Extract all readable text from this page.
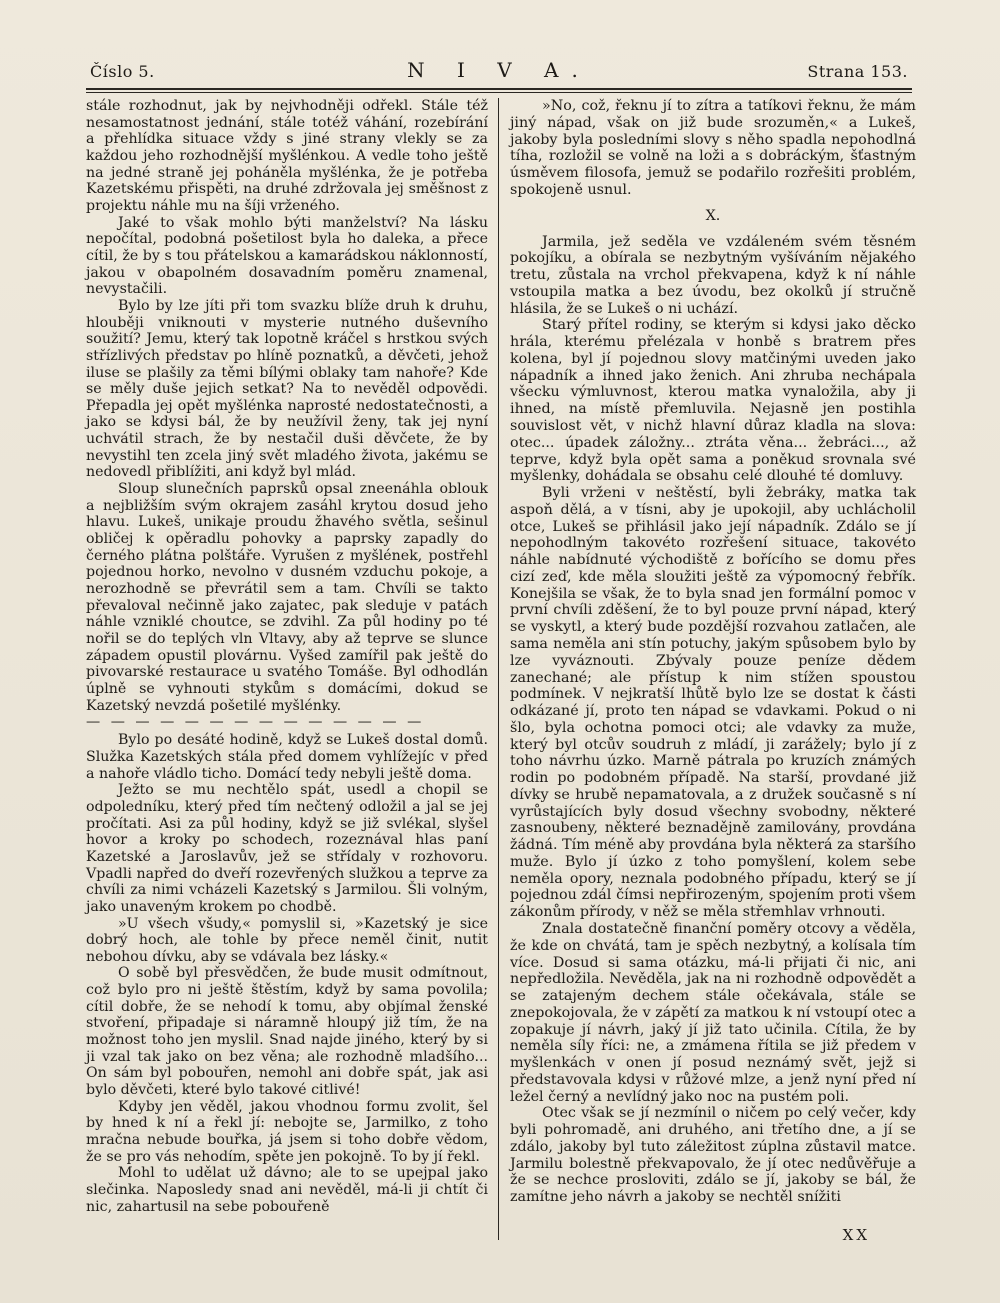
Číslo 5.	N I V A.	Strana 153.

stále rozhodnut, jak by nejvhodněji odřekl. Stále též nesamostatnost jednání, stále totéž váhání, rozebírání a přehlídka situace vždy s jiné strany vlekly se za každou jeho rozhodnější myšlénkou. A vedle toho ještě na jedné straně jej poháněla myšlénka, že je potřeba Kazetskému přispěti, na druhé zdržovala jej směšnost z projektu náhle mu na šíji vrženého.

Jaké to však mohlo býti manželství? Na lásku nepočítal, podobná pošetilost byla ho daleka, a přece cítil, že by s tou přátelskou a kamarádskou náklonností, jakou v obapolném dosavadním poměru znamenal, nevystačili.

Bylo by lze jíti při tom svazku blíže druh k druhu, hlouběji vniknouti v mysterie nutného duševního soužití? Jemu, který tak lopotně kráčel s hrstkou svých střízlivých představ po hlíně poznatků, a děvčeti, jehož iluse se plašily za těmi bílými oblaky tam nahoře? Kde se měly duše jejich setkat? Na to nevěděl odpovědi. Přepadla jej opět myšlénka naprosté nedostatečnosti, a jako se kdysi bál, že by neužívil ženy, tak jej nyní uchvátil strach, že by nestačil duši děvčete, že by nevystihl ten zcela jiný svět mladého života, jakému se nedovedl přiblížiti, ani když byl mlád.

Sloup slunečních paprsků opsal zneenáhla oblouk a nejbližším svým okrajem zasáhl krytou dosud jeho hlavu. Lukeš, unikaje proudu žhavého světla, sešinul obličej k opěradlu pohovky a paprsky zapadly do černého plátna polštáře. Vyrušen z myšlének, postřehl pojednou horko, nevolno v dusném vzduchu pokoje, a nerozhodně se převrátil sem a tam. Chvíli se takto převaloval nečinně jako zajatec, pak sleduje v patách náhle vzniklé choutce, se zdvihl. Za půl hodiny po té nořil se do teplých vln Vltavy, aby až teprve se slunce západem opustil plovárnu. Vyšed zamířil pak ještě do pivovarské restaurace u svatého Tomáše. Byl odhodlán úplně se vyhnouti stykům s domácími, dokud se Kazetský nevzdá pošetilé myšlénky.

— — — — — — — — — — — — — —

Bylo po desáté hodině, když se Lukeš dostal domů. Služka Kazetských stála před domem vyhlížejíc v před a nahoře vládlo ticho. Domácí tedy nebyli ještě doma.

Ježto se mu nechtělo spát, usedl a chopil se odpoledníku, který před tím nečtený odložil a jal se jej pročítati. Asi za půl hodiny, když se již svlékal, slyšel hovor a kroky po schodech, rozeznával hlas paní Kazetské a Jaroslavův, jež se střídaly v rozhovoru. Vpadli napřed do dveří rozevřených služkou a teprve za chvíli za nimi vcházeli Kazetský s Jarmilou. Šli volným, jako unaveným krokem po chodbě.

»U všech všudy,« pomyslil si, »Kazetský je sice dobrý hoch, ale tohle by přece neměl činit, nutit nebohou dívku, aby se vdávala bez lásky.«

O sobě byl přesvědčen, že bude musit odmítnout, což bylo pro ni ještě štěstím, když by sama povolila; cítil dobře, že se nehodí k tomu, aby objímal ženské stvoření, připadaje si náramně hloupý již tím, že na možnost toho jen myslil. Snad najde jiného, který by si ji vzal tak jako on bez věna; ale rozhodně mladšího... On sám byl pobouřen, nemohl ani dobře spát, jak asi bylo děvčeti, které bylo takové citlivé!

Kdyby jen věděl, jakou vhodnou formu zvolit, šel by hned k ní a řekl jí: nebojte se, Jarmilko, z toho mračna nebude bouřka, já jsem si toho dobře vědom, že se pro vás nehodím, spěte jen pokojně. To by jí řekl.

Mohl to udělat už dávno; ale to se upejpal jako slečinka. Naposledy snad ani nevěděl, má-li ji chtít či nic, zahartusil na sebe pobouřeně

»No, což, řeknu jí to zítra a tatíkovi řeknu, že mám jiný nápad, však on již bude srozuměn,« a Lukeš, jakoby byla posledními slovy s něho spadla nepohodlná tíha, rozložil se volně na loži a s dobráckým, šťastným úsměvem filosofa, jemuž se podařilo rozřešiti problém, spokojeně usnul.

X.

Jarmila, jež seděla ve vzdáleném svém těsném pokojíku, a obírala se nezbytným vyšíváním nějakého tretu, zůstala na vrchol překvapena, když k ní náhle vstoupila matka a bez úvodu, bez okolků jí stručně hlásila, že se Lukeš o ni uchází.

Starý přítel rodiny, se kterým si kdysi jako děcko hrála, kterému přelézala v honbě s bratrem přes kolena, byl jí pojednou slovy matčinými uveden jako nápadník a ihned jako ženich. Ani zhruba nechápala všecku výmluvnost, kterou matka vynaložila, aby ji ihned, na místě přemluvila. Nejasně jen postihla souvislost vět, v nichž hlavní důraz kladla na slova: otec... úpadek záložny... ztráta věna... žebráci..., až teprve, když byla opět sama a poněkud srovnala své myšlenky, dohádala se obsahu celé dlouhé té domluvy.

Byli vrženi v neštěstí, byli žebráky, matka tak aspoň dělá, a v tísni, aby je upokojil, aby uchlácholil otce, Lukeš se přihlásil jako její nápadník. Zdálo se jí nepohodlným takovéto rozřešení situace, takovéto náhle nabídnuté východiště z bořícího se domu přes cizí zeď, kde měla sloužiti ještě za výpomocný řebřík. Konejšila se však, že to byla snad jen formální pomoc v první chvíli zděšení, že to byl pouze první nápad, který se vyskytl, a který bude pozdější rozvahou zatlačen, ale sama neměla ani stín potuchy, jakým spůsobem bylo by lze vyváznouti. Zbývaly pouze peníze dědem zanechané; ale přístup k nim stížen spoustou podmínek. V nejkratší lhůtě bylo lze se dostat k části odkázané jí, proto ten nápad se vdavkami. Pokud o ni šlo, byla ochotna pomoci otci; ale vdavky za muže, který byl otcův soudruh z mládí, ji zarážely; bylo jí z toho návrhu úzko. Marně pátrala po kruzích známých rodin po podobném případě. Na starší, provdané již dívky se hrubě nepamatovala, a z družek současně s ní vyrůstajících byly dosud všechny svobodny, některé zasnoubeny, některé beznadějně zamilovány, provdána žádná. Tím méně aby provdána byla některá za staršího muže. Bylo jí úzko z toho pomyšlení, kolem sebe neměla opory, neznala podobného případu, který se jí pojednou zdál čímsi nepřirozeným, spojením proti všem zákonům přírody, v něž se měla střemhlav vrhnouti.

Znala dostatečně finanční poměry otcovy a věděla, že kde on chvátá, tam je spěch nezbytný, a kolísala tím více. Dosud si sama otázku, má-li přijati či nic, ani nepředložila. Nevěděla, jak na ni rozhodně odpovědět a se zatajeným dechem stále očekávala, stále se znepokojovala, že v zápětí za matkou k ní vstoupí otec a zopakuje jí návrh, jaký jí již tato učinila. Cítila, že by neměla síly říci: ne, a zmámena řítila se již předem v myšlenkách v onen jí posud neznámý svět, jejž si představovala kdysi v růžové mlze, a jenž nyní před ní ležel černý a nevlídný jako noc na pustém poli.

Otec však se jí nezmínil o ničem po celý večer, kdy byli pohromadě, ani druhého, ani třetího dne, a jí se zdálo, jakoby byl tuto záležitost zúplna zůstavil matce. Jarmilu bolestně překvapovalo, že jí otec nedůvěřuje a že se nechce prosloviti, zdálo se jí, jakoby se bál, že zamítne jeho návrh a jakoby se nechtěl snížiti

XX
